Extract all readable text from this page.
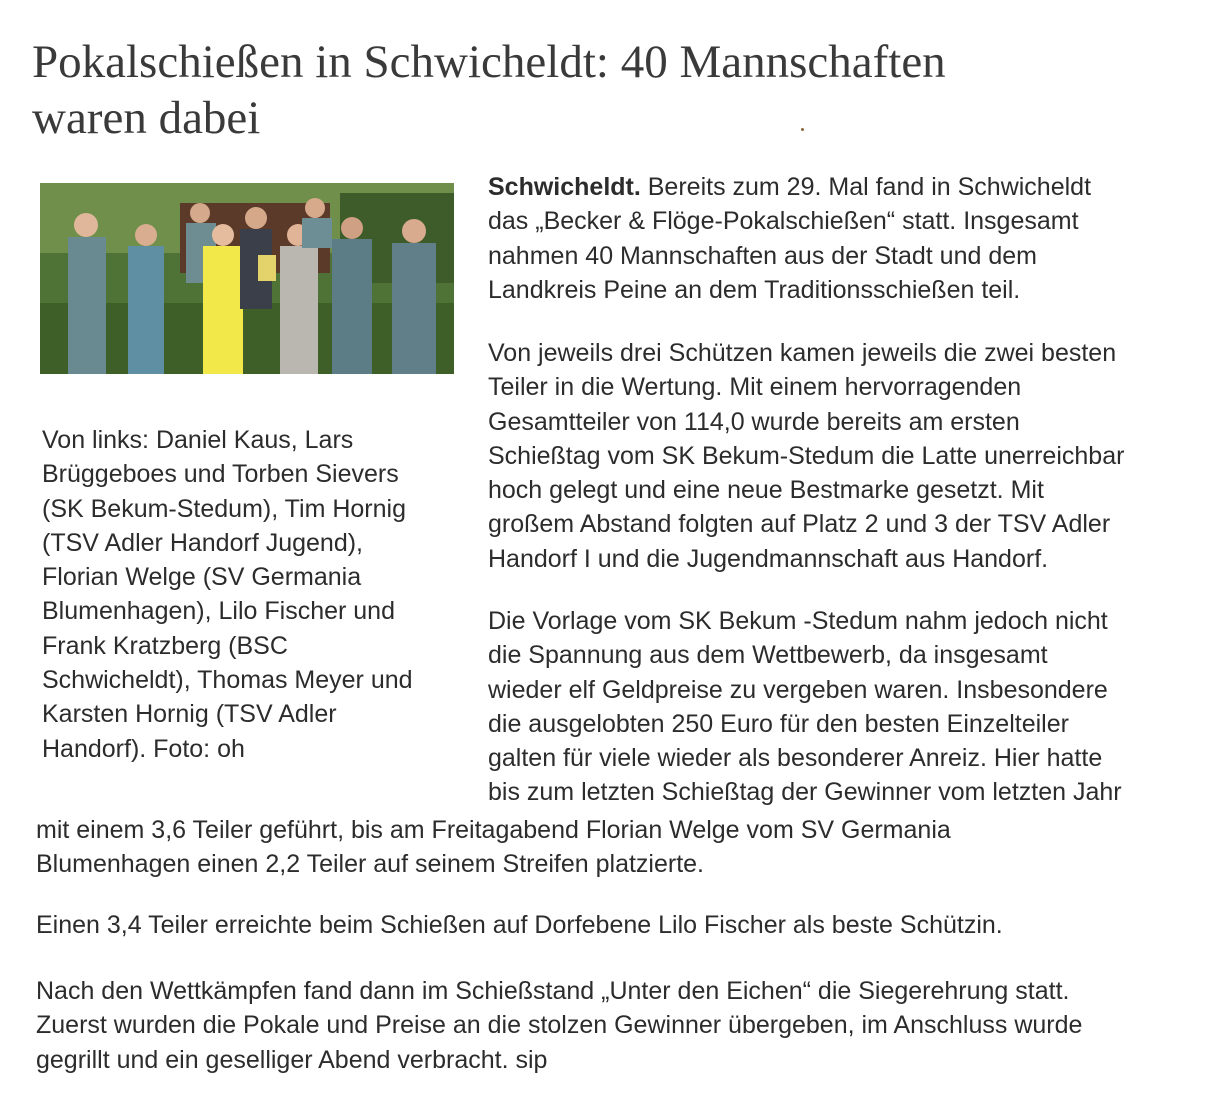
Pokalschießen in Schwicheldt: 40 Mannschaften
waren dabei

Von links: Daniel Kaus, Lars
Brüggeboes und Torben Sievers
(SK Bekum-Stedum), Tim Hornig
(TSV Adler Handorf Jugend),
Florian Welge (SV Germania
Blumenhagen), Lilo Fischer und
Frank Kratzberg (BSC
Schwicheldt), Thomas Meyer und
Karsten Hornig (TSV Adler
Handorf). Foto: oh

Schwicheldt. Bereits zum 29. Mal fand in Schwicheldt
das „Becker & Flöge-Pokalschießen“ statt. Insgesamt
nahmen 40 Mannschaften aus der Stadt und dem
Landkreis Peine an dem Traditionsschießen teil.

Von jeweils drei Schützen kamen jeweils die zwei besten
Teiler in die Wertung. Mit einem hervorragenden
Gesamtteiler von 114,0 wurde bereits am ersten
Schießtag vom SK Bekum-Stedum die Latte unerreichbar
hoch gelegt und eine neue Bestmarke gesetzt. Mit
großem Abstand folgten auf Platz 2 und 3 der TSV Adler
Handorf I und die Jugendmannschaft aus Handorf.

Die Vorlage vom SK Bekum -Stedum nahm jedoch nicht
die Spannung aus dem Wettbewerb, da insgesamt
wieder elf Geldpreise zu vergeben waren. Insbesondere
die ausgelobten 250 Euro für den besten Einzelteiler
galten für viele wieder als besonderer Anreiz. Hier hatte
bis zum letzten Schießtag der Gewinner vom letzten Jahr

mit einem 3,6 Teiler geführt, bis am Freitagabend Florian Welge vom SV Germania
Blumenhagen einen 2,2 Teiler auf seinem Streifen platzierte.

Einen 3,4 Teiler erreichte beim Schießen auf Dorfebene Lilo Fischer als beste Schützin.

Nach den Wettkämpfen fand dann im Schießstand „Unter den Eichen“ die Siegerehrung statt.
Zuerst wurden die Pokale und Preise an die stolzen Gewinner übergeben, im Anschluss wurde
gegrillt und ein geselliger Abend verbracht. sip
